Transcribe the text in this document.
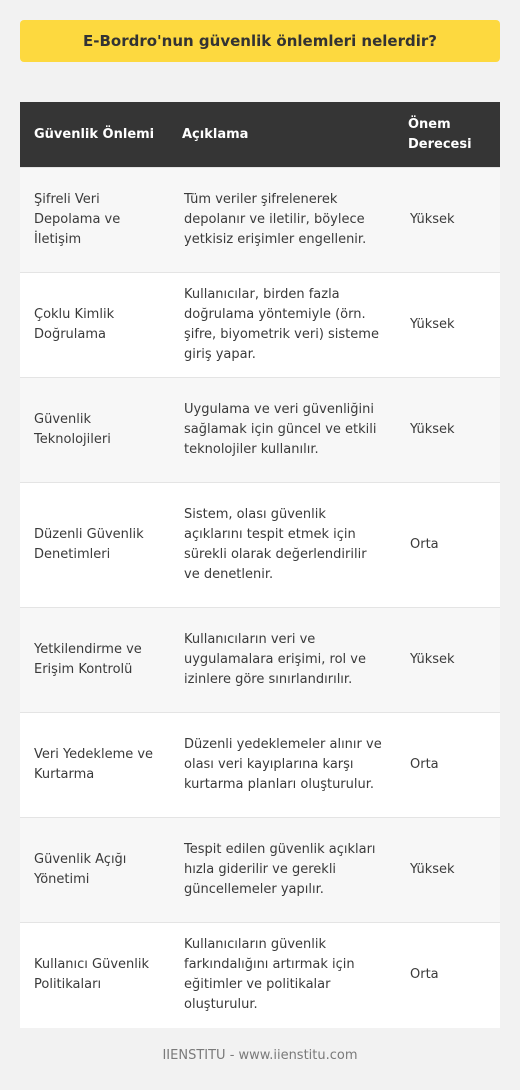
E-Bordro'nun güvenlik önlemleri nelerdir?
Güvenlik Önlemi	Açıklama	Önem Derecesi
Şifreli Veri Depolama ve İletişim	Tüm veriler şifrelenerek depolanır ve iletilir, böylece yetkisiz erişimler engellenir.	Yüksek
Çoklu Kimlik Doğrulama	Kullanıcılar, birden fazla doğrulama yöntemiyle (örn. şifre, biyometrik veri) sisteme giriş yapar.	Yüksek
Güvenlik Teknolojileri	Uygulama ve veri güvenliğini sağlamak için güncel ve etkili teknolojiler kullanılır.	Yüksek
Düzenli Güvenlik Denetimleri	Sistem, olası güvenlik açıklarını tespit etmek için sürekli olarak değerlendirilir ve denetlenir.	Orta
Yetkilendirme ve Erişim Kontrolü	Kullanıcıların veri ve uygulamalara erişimi, rol ve izinlere göre sınırlandırılır.	Yüksek
Veri Yedekleme ve Kurtarma	Düzenli yedeklemeler alınır ve olası veri kayıplarına karşı kurtarma planları oluşturulur.	Orta
Güvenlik Açığı Yönetimi	Tespit edilen güvenlik açıkları hızla giderilir ve gerekli güncellemeler yapılır.	Yüksek
Kullanıcı Güvenlik Politikaları	Kullanıcıların güvenlik farkındalığını artırmak için eğitimler ve politikalar oluşturulur.	Orta
IIENSTITU - www.iienstitu.com
